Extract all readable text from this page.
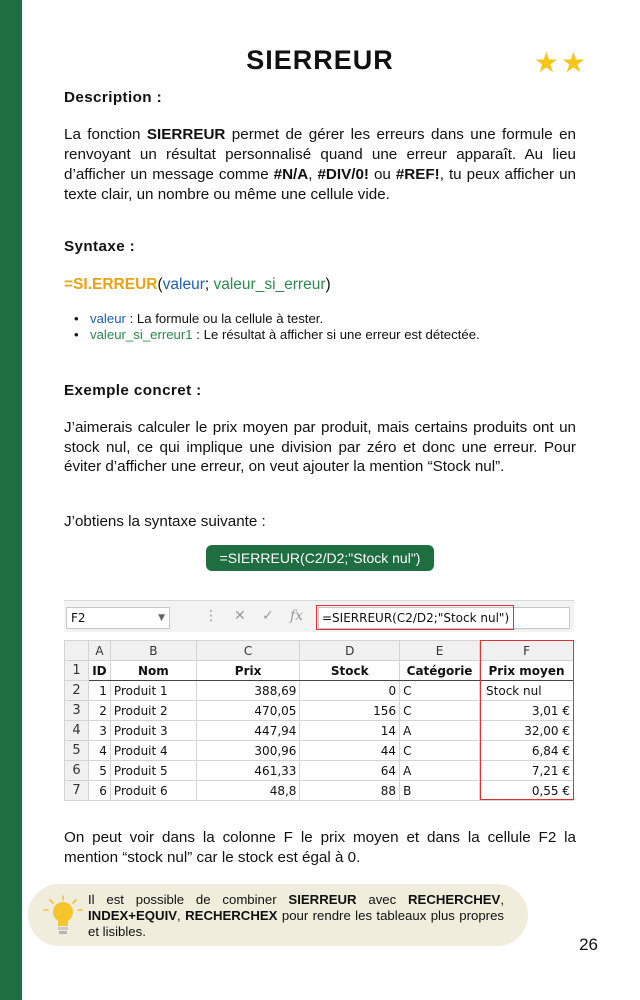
SIERREUR	★★
Description :
La fonction SIERREUR permet de gérer les erreurs dans une formule en renvoyant un résultat personnalisé quand une erreur apparaît. Au lieu d’afficher un message comme #N/A, #DIV/0! ou #REF!, tu peux afficher un texte clair, un nombre ou même une cellule vide.
Syntaxe :
=SI.ERREUR(valeur; valeur_si_erreur)
• valeur : La formule ou la cellule à tester.
• valeur_si_erreur1 : Le résultat à afficher si une erreur est détectée.
Exemple concret :
J’aimerais calculer le prix moyen par produit, mais certains produits ont un stock nul, ce qui implique une division par zéro et donc une erreur. Pour éviter d’afficher une erreur, on veut ajouter la mention “Stock nul”.
J’obtiens la syntaxe suivante :
=SIERREUR(C2/D2;"Stock nul")
F2	▼	⋮ ✕ ✓ fx	=SIERREUR(C2/D2;"Stock nul")
	A	B	C	D	E	F
1	ID	Nom	Prix	Stock	Catégorie	Prix moyen
2	1	Produit 1	388,69	0	C	Stock nul
3	2	Produit 2	470,05	156	C	3,01 €
4	3	Produit 3	447,94	14	A	32,00 €
5	4	Produit 4	300,96	44	C	6,84 €
6	5	Produit 5	461,33	64	A	7,21 €
7	6	Produit 6	48,8	88	B	0,55 €
On peut voir dans la colonne F le prix moyen et dans la cellule F2 la mention “stock nul” car le stock est égal à 0.
Il est possible de combiner SIERREUR avec RECHERCHEV, INDEX+EQUIV, RECHERCHEX pour rendre les tableaux plus propres et lisibles.
26
